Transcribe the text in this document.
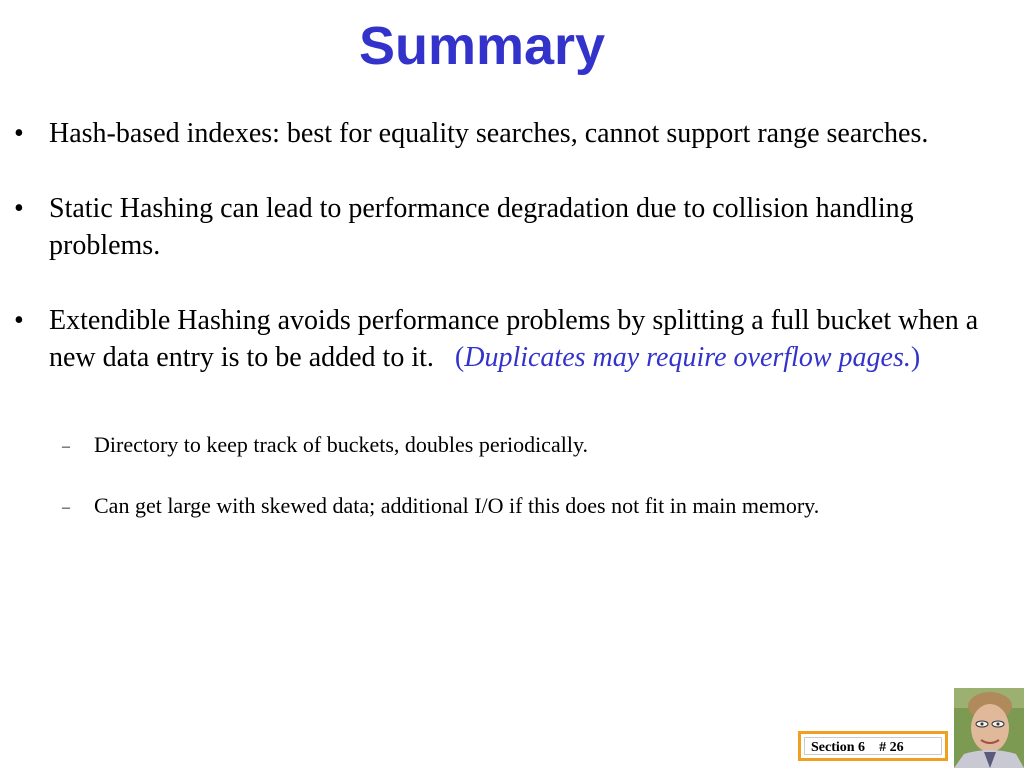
Summary
• Hash-based indexes: best for equality searches, cannot support range searches.
• Static Hashing can lead to performance degradation due to collision handling problems.
• Extendible Hashing avoids performance problems by splitting a full bucket when a new data entry is to be added to it. (Duplicates may require overflow pages.)
– Directory to keep track of buckets, doubles periodically.
– Can get large with skewed data; additional I/O if this does not fit in main memory.
Section 6 # 26
